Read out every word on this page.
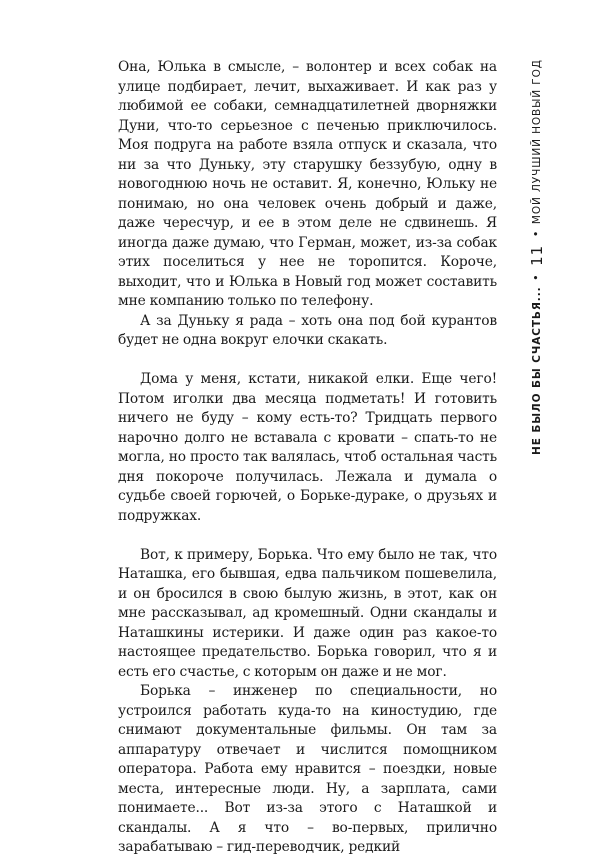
Она, Юлька в смысле, – волонтер и всех собак на улице подбирает, лечит, выхаживает. И как раз у любимой ее собаки, семнадцатилетней дворняжки Дуни, что-то серьезное с печенью приключилось. Моя подруга на работе взяла отпуск и сказала, что ни за что Дуньку, эту старушку беззубую, одну в новогоднюю ночь не оставит. Я, конечно, Юльку не понимаю, но она человек очень добрый и даже, даже чересчур, и ее в этом деле не сдвинешь. Я иногда даже думаю, что Герман, может, из-за собак этих поселиться у нее не торопится. Короче, выходит, что и Юлька в Новый год может составить мне компанию только по телефону.

А за Дуньку я рада – хоть она под бой курантов будет не одна вокруг елочки скакать.

Дома у меня, кстати, никакой елки. Еще чего! Потом иголки два месяца подметать! И готовить ничего не буду – кому есть-то? Тридцать первого нарочно долго не вставала с кровати – спать-то не могла, но просто так валялась, чтоб остальная часть дня покороче получилась. Лежала и думала о судьбе своей горючей, о Борьке-дураке, о друзьях и подружках.

Вот, к примеру, Борька. Что ему было не так, что Наташка, его бывшая, едва пальчиком пошевелила, и он бросился в свою былую жизнь, в этот, как он мне рассказывал, ад кромешный. Одни скандалы и Наташкины истерики. И даже один раз какое-то настоящее предательство. Борька говорил, что я и есть его счастье, с которым он даже и не мог.

Борька – инженер по специальности, но устроился работать куда-то на киностудию, где снимают документальные фильмы. Он там за аппаратуру отвечает и числится помощником оператора. Работа ему нравится – поездки, новые места, интересные люди. Ну, а зарплата, сами понимаете... Вот из-за этого с Наташкой и скандалы. А я что – во-первых, прилично зарабатываю – гид-переводчик, редкий

НЕ БЫЛО БЫ СЧАСТЬЯ...
•
11
•
МОЙ ЛУЧШИЙ НОВЫЙ ГОД
